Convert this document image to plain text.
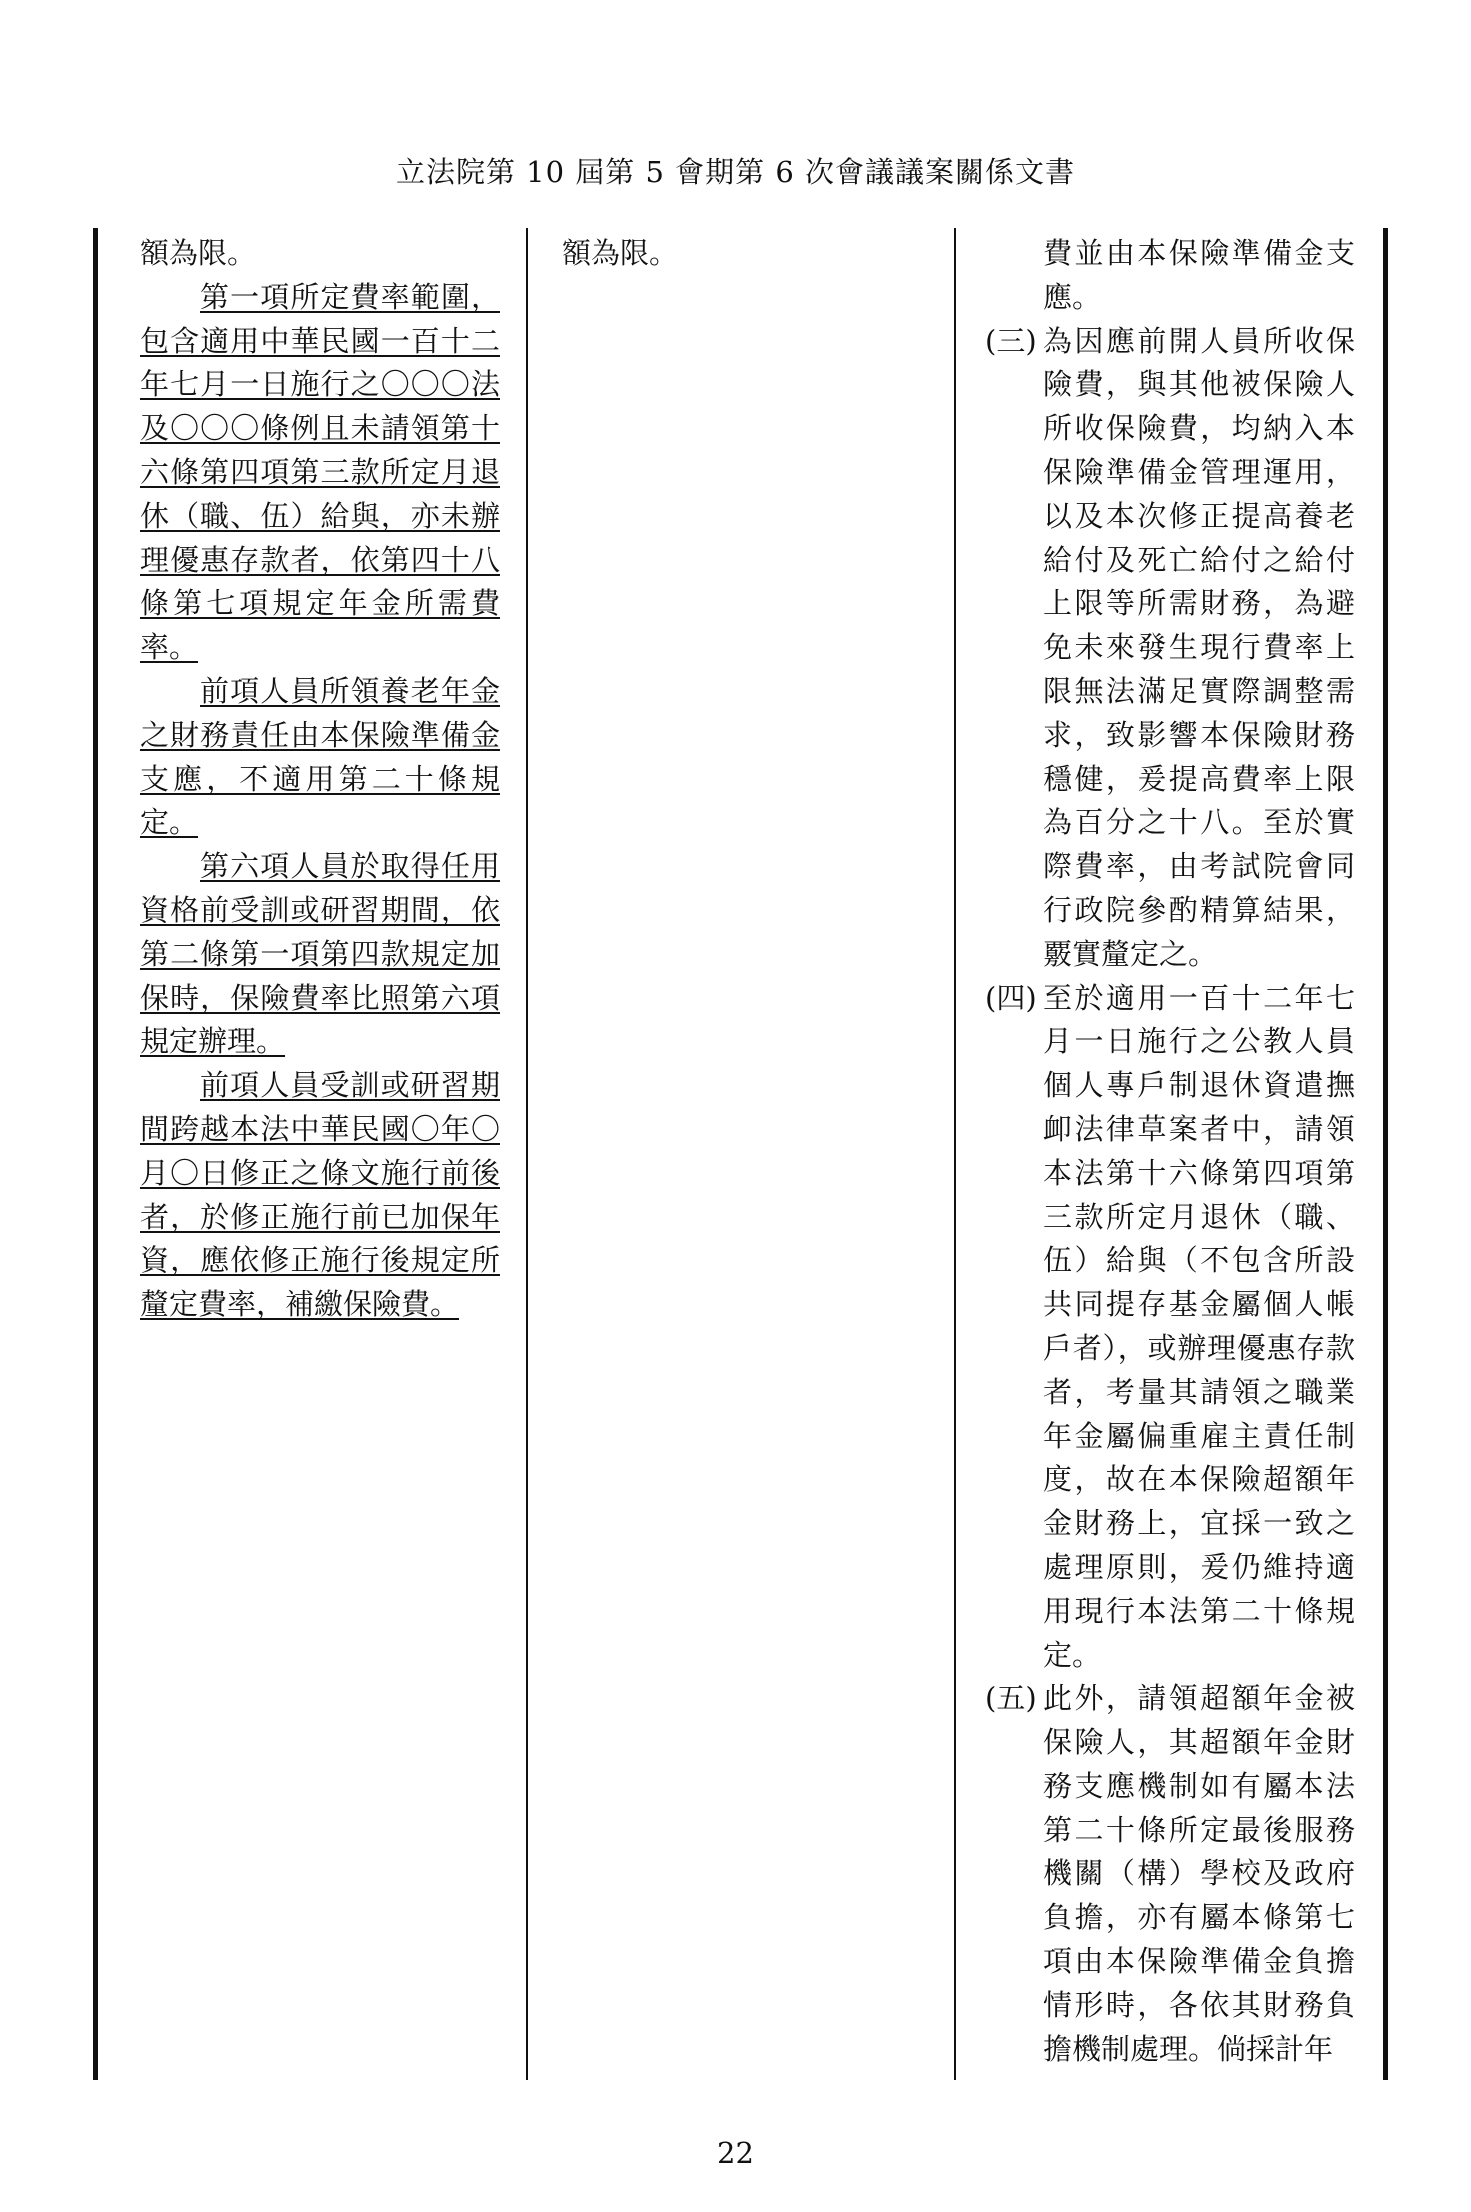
立法院第 10 屆第 5 會期第 6 次會議議案關係文書

額為限。

第一項所定費率範圍，包含適用中華民國一百十二年七月一日施行之〇〇〇法及〇〇〇條例且未請領第十六條第四項第三款所定月退休（職、伍）給與，亦未辦理優惠存款者，依第四十八條第七項規定年金所需費率。

前項人員所領養老年金之財務責任由本保險準備金支應，不適用第二十條規定。

第六項人員於取得任用資格前受訓或研習期間，依第二條第一項第四款規定加保時，保險費率比照第六項規定辦理。

前項人員受訓或研習期間跨越本法中華民國〇年〇月〇日修正之條文施行前後者，於修正施行前已加保年資，應依修正施行後規定所釐定費率，補繳保險費。

額為限。	費並由本保險準備金支應。

(三) 為因應前開人員所收保險費，與其他被保險人所收保險費，均納入本保險準備金管理運用，以及本次修正提高養老給付及死亡給付之給付上限等所需財務，為避免未來發生現行費率上限無法滿足實際調整需求，致影響本保險財務穩健，爰提高費率上限為百分之十八。至於實際費率，由考試院會同行政院參酌精算結果，覈實釐定之。
(四) 至於適用一百十二年七月一日施行之公教人員個人專戶制退休資遣撫卹法律草案者中，請領本法第十六條第四項第三款所定月退休（職、伍）給與（不包含所設共同提存基金屬個人帳戶者），或辦理優惠存款者，考量其請領之職業年金屬偏重雇主責任制度，故在本保險超額年金財務上，宜採一致之處理原則，爰仍維持適用現行本法第二十條規定。
(五) 此外，請領超額年金被保險人，其超額年金財務支應機制如有屬本法第二十條所定最後服務機關（構）學校及政府負擔，亦有屬本條第七項由本保險準備金負擔情形時，各依其財務負擔機制處理。倘採計年
22
